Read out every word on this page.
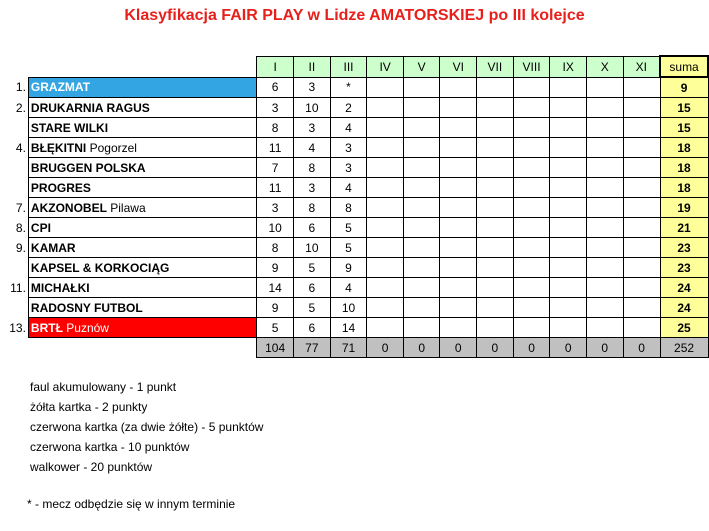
Klasyfikacja FAIR PLAY w Lidze AMATORSKIEJ po III kolejce
		I	II	III	IV	V	VI	VII	VIII	IX	X	XI	suma
1.	GRAZMAT	6	3	*									9
2.	DRUKARNIA RAGUS	3	10	2									15
	STARE WILKI	8	3	4									15
4.	BŁĘKITNI Pogorzel	11	4	3									18
	BRUGGEN POLSKA	7	8	3									18
	PROGRES	11	3	4									18
7.	AKZONOBEL Pilawa	3	8	8									19
8.	CPI	10	6	5									21
9.	KAMAR	8	10	5									23
	KAPSEL & KORKOCIĄG	9	5	9									23
11.	MICHAŁKI	14	6	4									24
	RADOSNY FUTBOL	9	5	10									24
13.	BRTŁ Puznów	5	6	14									25
		104	77	71	0	0	0	0	0	0	0	0	252
faul akumulowany - 1 punkt
żółta kartka - 2 punkty
czerwona kartka (za dwie żółte) - 5 punktów
czerwona kartka - 10 punktów
walkower - 20 punktów
* - mecz odbędzie się w innym terminie
